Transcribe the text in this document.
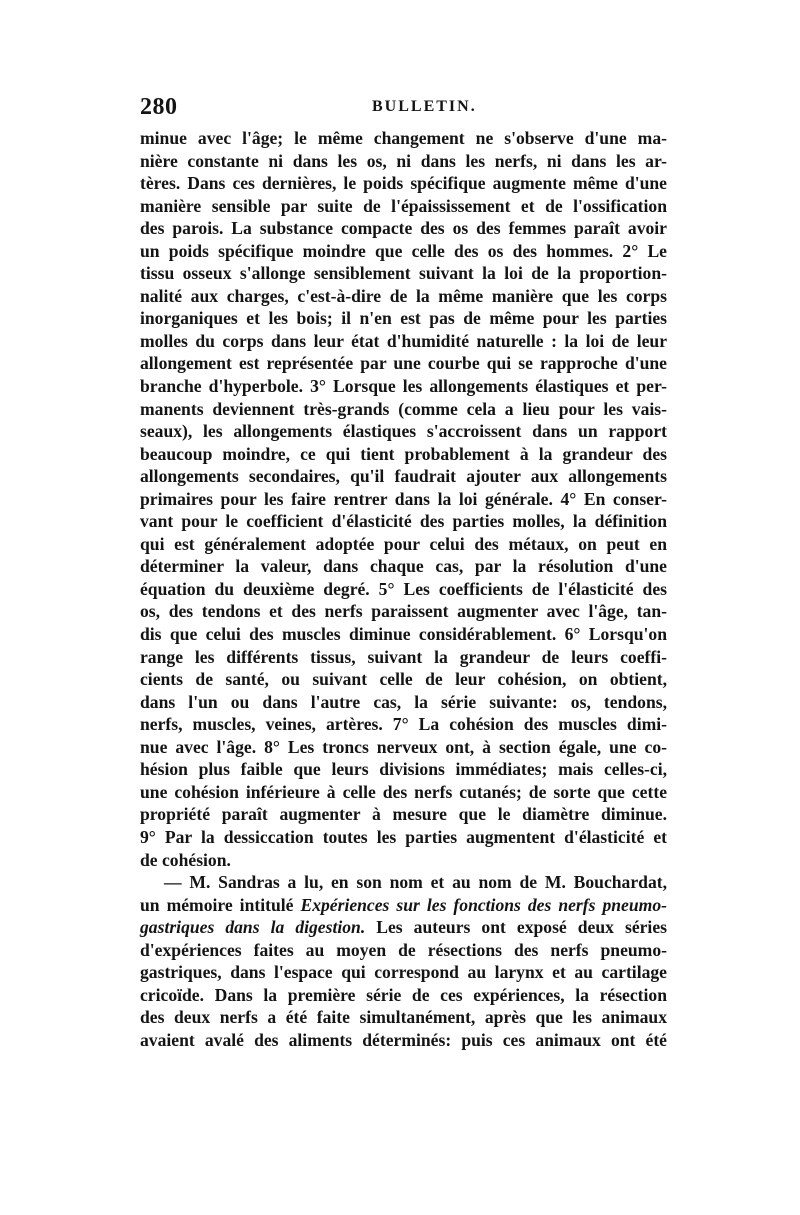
280	BULLETIN.
minue avec l'âge; le même changement ne s'observe d'une ma-
nière constante ni dans les os, ni dans les nerfs, ni dans les ar-
tères. Dans ces dernières, le poids spécifique augmente même d'une
manière sensible par suite de l'épaississement et de l'ossification
des parois. La substance compacte des os des femmes paraît avoir
un poids spécifique moindre que celle des os des hommes. 2° Le
tissu osseux s'allonge sensiblement suivant la loi de la proportion-
nalité aux charges, c'est-à-dire de la même manière que les corps
inorganiques et les bois; il n'en est pas de même pour les parties
molles du corps dans leur état d'humidité naturelle : la loi de leur
allongement est représentée par une courbe qui se rapproche d'une
branche d'hyperbole. 3° Lorsque les allongements élastiques et per-
manents deviennent très-grands (comme cela a lieu pour les vais-
seaux), les allongements élastiques s'accroissent dans un rapport
beaucoup moindre, ce qui tient probablement à la grandeur des
allongements secondaires, qu'il faudrait ajouter aux allongements
primaires pour les faire rentrer dans la loi générale. 4° En conser-
vant pour le coefficient d'élasticité des parties molles, la définition
qui est généralement adoptée pour celui des métaux, on peut en
déterminer la valeur, dans chaque cas, par la résolution d'une
équation du deuxième degré. 5° Les coefficients de l'élasticité des
os, des tendons et des nerfs paraissent augmenter avec l'âge, tan-
dis que celui des muscles diminue considérablement. 6° Lorsqu'on
range les différents tissus, suivant la grandeur de leurs coeffi-
cients de santé, ou suivant celle de leur cohésion, on obtient,
dans l'un ou dans l'autre cas, la série suivante: os, tendons,
nerfs, muscles, veines, artères. 7° La cohésion des muscles dimi-
nue avec l'âge. 8° Les troncs nerveux ont, à section égale, une co-
hésion plus faible que leurs divisions immédiates; mais celles-ci,
une cohésion inférieure à celle des nerfs cutanés; de sorte que cette
propriété paraît augmenter à mesure que le diamètre diminue.
9° Par la dessiccation toutes les parties augmentent d'élasticité et
de cohésion.
— M. Sandras a lu, en son nom et au nom de M. Bouchardat,
un mémoire intitulé Expériences sur les fonctions des nerfs pneumo-
gastriques dans la digestion. Les auteurs ont exposé deux séries
d'expériences faites au moyen de résections des nerfs pneumo-
gastriques, dans l'espace qui correspond au larynx et au cartilage
cricoïde. Dans la première série de ces expériences, la résection
des deux nerfs a été faite simultanément, après que les animaux
avaient avalé des aliments déterminés: puis ces animaux ont été
